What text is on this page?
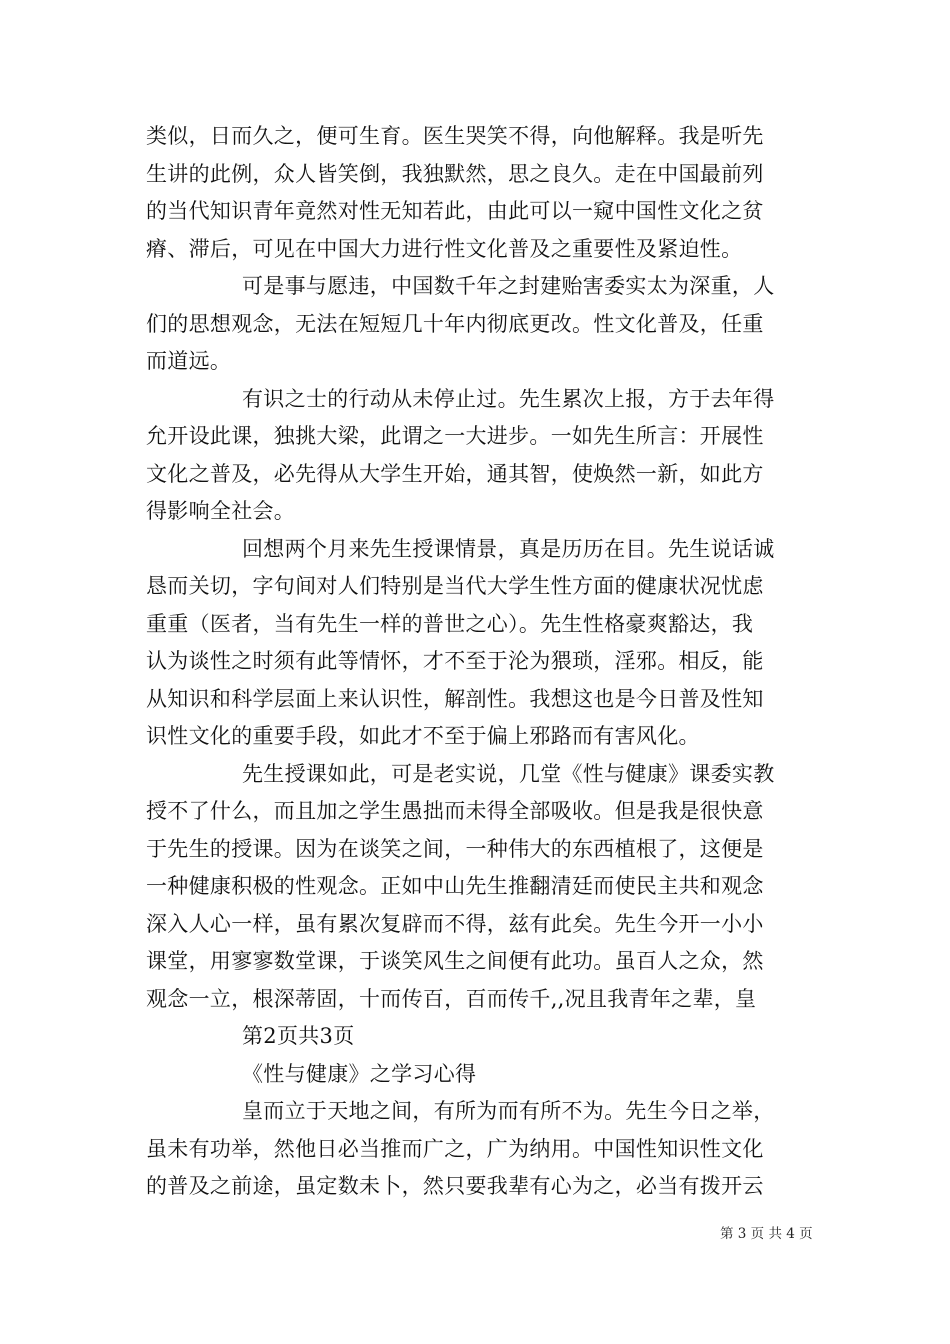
类似，日而久之，便可生育。医生哭笑不得，向他解释。我是听先
生讲的此例，众人皆笑倒，我独默然，思之良久。走在中国最前列
的当代知识青年竟然对性无知若此，由此可以一窥中国性文化之贫
瘠、滞后，可见在中国大力进行性文化普及之重要性及紧迫性。
可是事与愿违，中国数千年之封建贻害委实太为深重，人
们的思想观念，无法在短短几十年内彻底更改。性文化普及，任重
而道远。
有识之士的行动从未停止过。先生累次上报，方于去年得
允开设此课，独挑大梁，此谓之一大进步。一如先生所言：开展性
文化之普及，必先得从大学生开始，通其智，使焕然一新，如此方
得影响全社会。
回想两个月来先生授课情景，真是历历在目。先生说话诚
恳而关切，字句间对人们特别是当代大学生性方面的健康状况忧虑
重重（医者，当有先生一样的普世之心）。先生性格豪爽豁达，我
认为谈性之时须有此等情怀，才不至于沦为猥琐，淫邪。相反，能
从知识和科学层面上来认识性，解剖性。我想这也是今日普及性知
识性文化的重要手段，如此才不至于偏上邪路而有害风化。
先生授课如此，可是老实说，几堂《性与健康》课委实教
授不了什么，而且加之学生愚拙而未得全部吸收。但是我是很快意
于先生的授课。因为在谈笑之间，一种伟大的东西植根了，这便是
一种健康积极的性观念。正如中山先生推翻清廷而使民主共和观念
深入人心一样，虽有累次复辟而不得，兹有此矣。先生今开一小小
课堂，用寥寥数堂课，于谈笑风生之间便有此功。虽百人之众，然
观念一立，根深蒂固，十而传百，百而传千,,况且我青年之辈，皇
第2页共3页
《性与健康》之学习心得
皇而立于天地之间，有所为而有所不为。先生今日之举，
虽未有功举，然他日必当推而广之，广为纳用。中国性知识性文化
的普及之前途，虽定数未卜，然只要我辈有心为之，必当有拨开云
第 3 页 共 4 页
